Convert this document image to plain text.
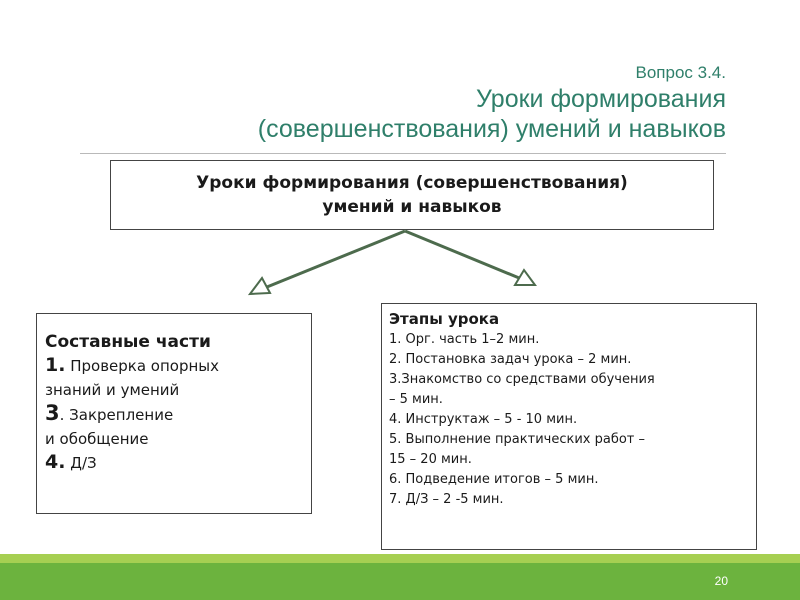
Вопрос 3.4.
Уроки формирования
(совершенствования) умений и навыков
Уроки формирования (совершенствования)
умений и навыков
Составные части
1. Проверка опорных
знаний и умений
3. Закрепление
и обобщение
4. Д/З
Этапы урока

1. Орг. часть 1–2 мин.

2. Постановка задач урока – 2 мин.

3.Знакомство со средствами обучения

– 5 мин.

4. Инструктаж – 5 - 10 мин.

5. Выполнение практических работ –

15 – 20 мин.

6. Подведение итогов – 5 мин.

7. Д/З – 2 -5 мин.

20
